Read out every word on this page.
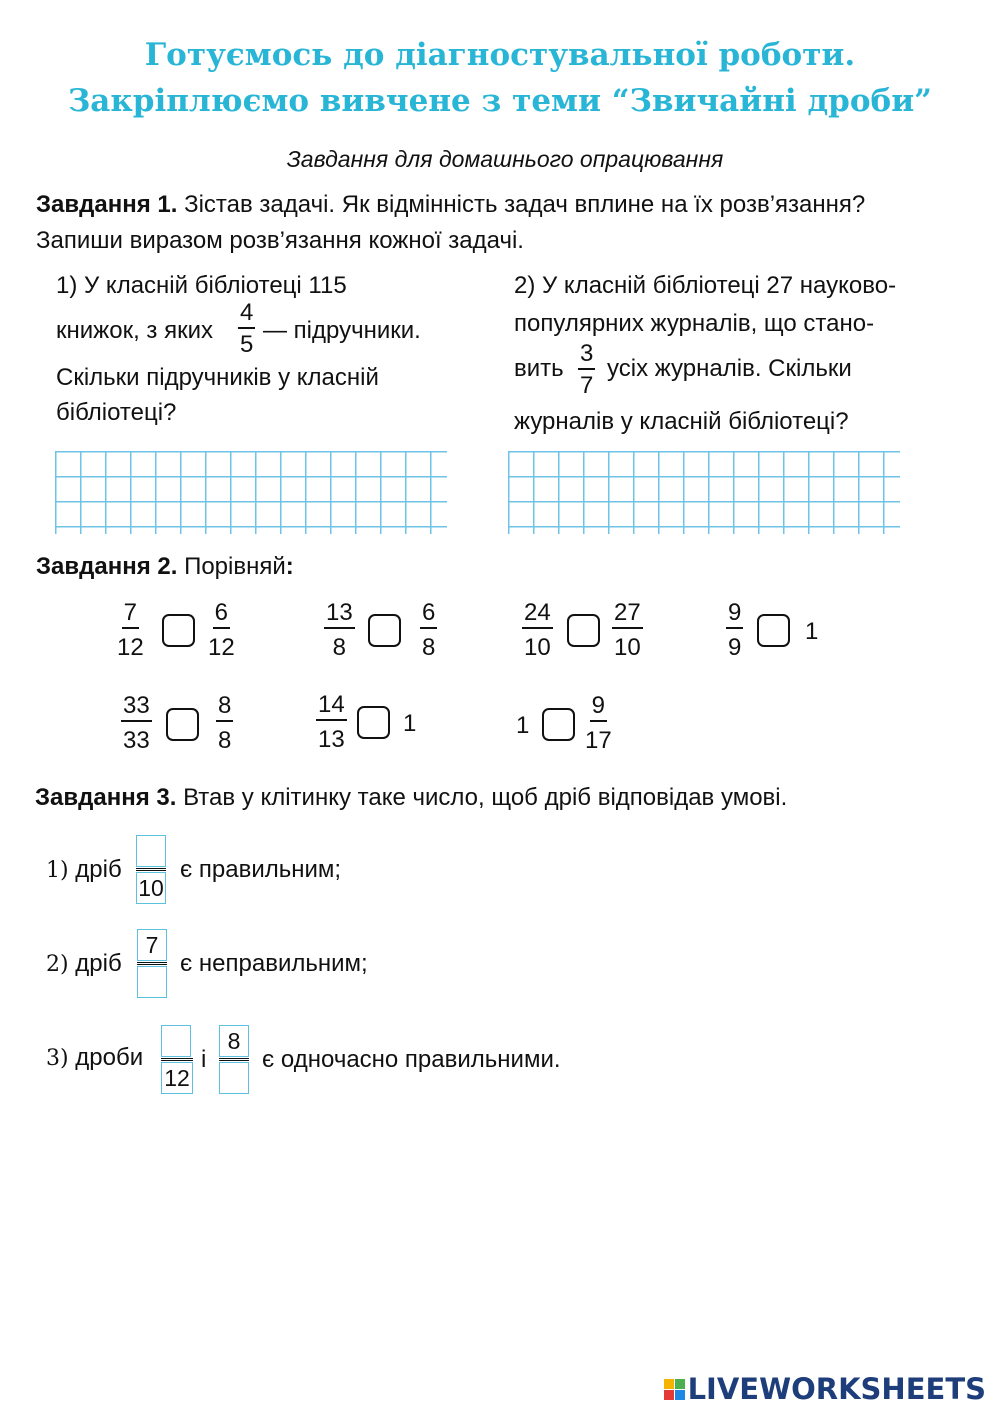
Готуємось до діагностувальної роботи.
Закріплюємо вивчене з теми “Звичайні дроби”
Завдання для домашнього опрацювання
Завдання 1. Зістав задачі. Як відмінність задач вплине на їх розв’язання?
Запиши виразом розв’язання кожної задачі.
1) У класній бібліотеці 115
книжок, з яких $\frac{4}{5}$ — підручники.
Скільки підручників у класній
бібліотеці?
2) У класній бібліотеці 27 науково-
популярних журналів, що стано-
вить $\frac{3}{7}$ усіх журналів. Скільки
журналів у класній бібліотеці?
Завдання 2. Порівняй:
$\frac{7}{12}$	$\frac{6}{12}$	$\frac{13}{8}$	$\frac{6}{8}$	$\frac{24}{10} \frac{27}{10}$	$\frac{9}{9}$	1
$\frac{33}{33}$	$\frac{8}{8}$	$\frac{14}{13} 1$	$1 \frac{9}{17}$
Завдання 3. Втав у клітинку таке число, щоб дріб відповідав умові.
1) дріб
10
є правильним;
2) дріб
7
є неправильним;
3) дроби
12
і
8
є одночасно правильними.
LIVEWORKSHEETS
